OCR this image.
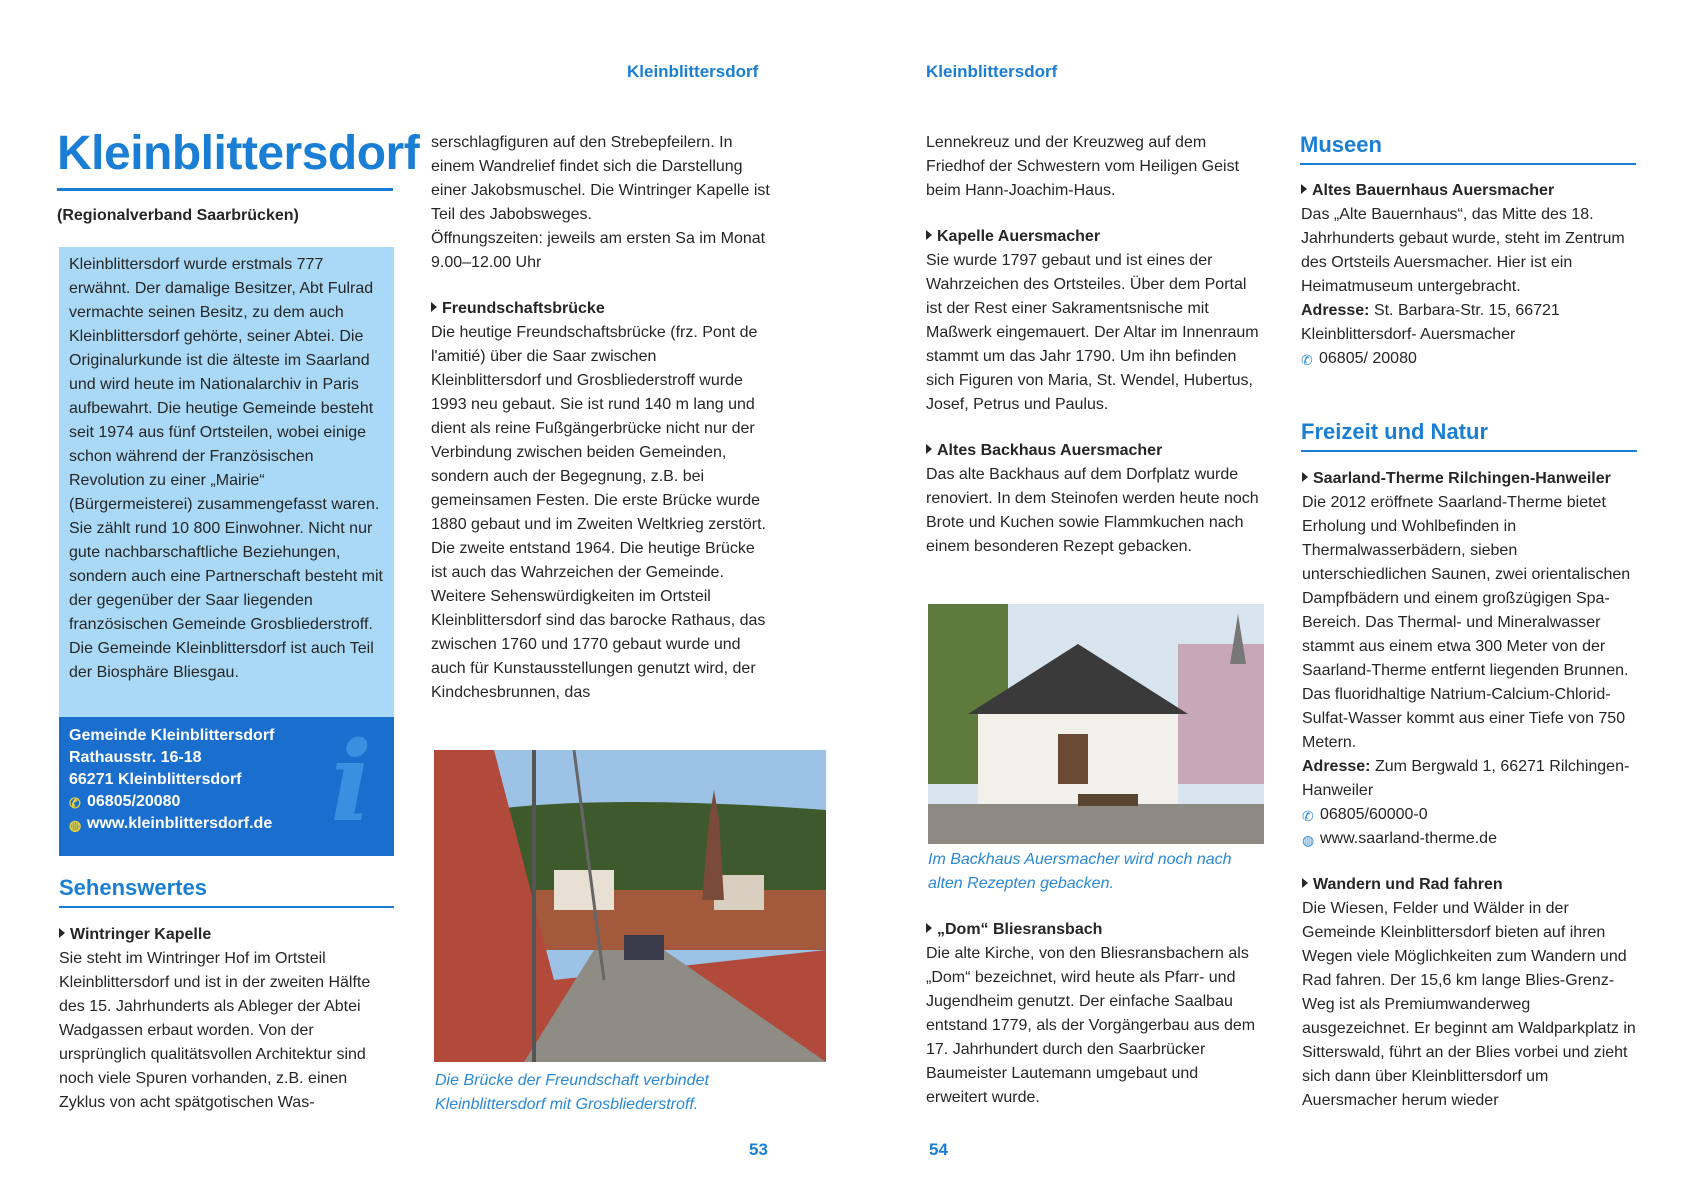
Kleinblittersdorf	Kleinblittersdorf
Kleinblittersdorf
(Regionalverband Saarbrücken)

Kleinblittersdorf wurde erstmals 777 erwähnt. Der damalige Besitzer, Abt Fulrad vermachte seinen Besitz, zu dem auch Kleinblittersdorf gehörte, seiner Abtei. Die Originalurkunde ist die älteste im Saarland und wird heute im Nationalarchiv in Paris aufbewahrt. Die heutige Gemeinde besteht seit 1974 aus fünf Ortsteilen, wobei einige schon während der Französischen Revolution zu einer „Mairie“ (Bürgermeisterei) zusammengefasst waren. Sie zählt rund 10 800 Einwohner. Nicht nur gute nachbarschaftliche Beziehungen, sondern auch eine Partnerschaft besteht mit der gegenüber der Saar liegenden französischen Gemeinde Grosbliederstroff. Die Gemeinde Kleinblittersdorf ist auch Teil der Biosphäre Bliesgau.

i
Gemeinde Kleinblittersdorf
Rathausstr. 16-18
66271 Kleinblittersdorf
✆ 06805/20080
◍ www.kleinblittersdorf.de
Sehenswertes

Wintringer Kapelle

Sie steht im Wintringer Hof im Ortsteil Kleinblittersdorf und ist in der zweiten Hälfte des 15. Jahrhunderts als Ableger der Abtei Wadgassen erbaut worden. Von der ursprünglich qualitätsvollen Architektur sind noch viele Spuren vorhanden, z.B. einen Zyklus von acht spätgotischen Was-

serschlagfiguren auf den Strebepfeilern. In einem Wandrelief findet sich die Darstellung einer Jakobsmuschel. Die Wintringer Kapelle ist Teil des Jabobsweges.

Öffnungszeiten: jeweils am ersten Sa im Monat 9.00–12.00 Uhr

Freundschaftsbrücke

Die heutige Freundschaftsbrücke (frz. Pont de l'amitié) über die Saar zwischen Kleinblittersdorf und Grosbliederstroff wurde 1993 neu gebaut. Sie ist rund 140 m lang und dient als reine Fußgängerbrücke nicht nur der Verbindung zwischen beiden Gemeinden, sondern auch der Begegnung, z.B. bei gemeinsamen Festen. Die erste Brücke wurde 1880 gebaut und im Zweiten Weltkrieg zerstört. Die zweite entstand 1964. Die heutige Brücke ist auch das Wahrzeichen der Gemeinde.

Weitere Sehenswürdigkeiten im Ortsteil Kleinblittersdorf sind das barocke Rathaus, das zwischen 1760 und 1770 gebaut wurde und auch für Kunstausstellungen genutzt wird, der Kindchesbrunnen, das

Die Brücke der Freundschaft verbindet Kleinblittersdorf mit Grosbliederstroff.
53

Lennekreuz und der Kreuzweg auf dem Friedhof der Schwestern vom Heiligen Geist beim Hann-Joachim-Haus.

Kapelle Auersmacher

Sie wurde 1797 gebaut und ist eines der Wahrzeichen des Ortsteiles. Über dem Portal ist der Rest einer Sakramentsnische mit Maßwerk eingemauert. Der Altar im Innenraum stammt um das Jahr 1790. Um ihn befinden sich Figuren von Maria, St. Wendel, Hubertus, Josef, Petrus und Paulus.

Altes Backhaus Auersmacher

Das alte Backhaus auf dem Dorfplatz wurde renoviert. In dem Steinofen werden heute noch Brote und Kuchen sowie Flammkuchen nach einem besonderen Rezept gebacken.

Im Backhaus Auersmacher wird noch nach alten Rezepten gebacken.

„Dom“ Bliesransbach

Die alte Kirche, von den Bliesransbachern als „Dom“ bezeichnet, wird heute als Pfarr- und Jugendheim genutzt. Der einfache Saalbau entstand 1779, als der Vorgängerbau aus dem 17. Jahrhundert durch den Saarbrücker Baumeister Lautemann umgebaut und erweitert wurde.

54
Museen

Altes Bauernhaus Auersmacher

Das „Alte Bauernhaus“, das Mitte des 18. Jahrhunderts gebaut wurde, steht im Zentrum des Ortsteils Auersmacher. Hier ist ein Heimatmuseum untergebracht.

Adresse: St. Barbara-Str. 15, 66721 Kleinblittersdorf- Auersmacher

✆ 06805/ 20080

Freizeit und Natur

Saarland-Therme Rilchingen-Hanweiler

Die 2012 eröffnete Saarland-Therme bietet Erholung und Wohlbefinden in Thermalwasserbädern, sieben unterschiedlichen Saunen, zwei orientalischen Dampfbädern und einem großzügigen Spa-Bereich. Das Thermal- und Mineralwasser stammt aus einem etwa 300 Meter von der Saarland-Therme entfernt liegenden Brunnen. Das fluoridhaltige Natrium-Calcium-Chlorid-Sulfat-Wasser kommt aus einer Tiefe von 750 Metern.

Adresse: Zum Bergwald 1, 66271 Rilchingen-Hanweiler

✆ 06805/60000-0

◍ www.saarland-therme.de

Wandern und Rad fahren

Die Wiesen, Felder und Wälder in der Gemeinde Kleinblittersdorf bieten auf ihren Wegen viele Möglichkeiten zum Wandern und Rad fahren. Der 15,6 km lange Blies-Grenz-Weg ist als Premiumwanderweg ausgezeichnet. Er beginnt am Waldparkplatz in Sitterswald, führt an der Blies vorbei und zieht sich dann über Kleinblittersdorf um Auersmacher herum wieder
